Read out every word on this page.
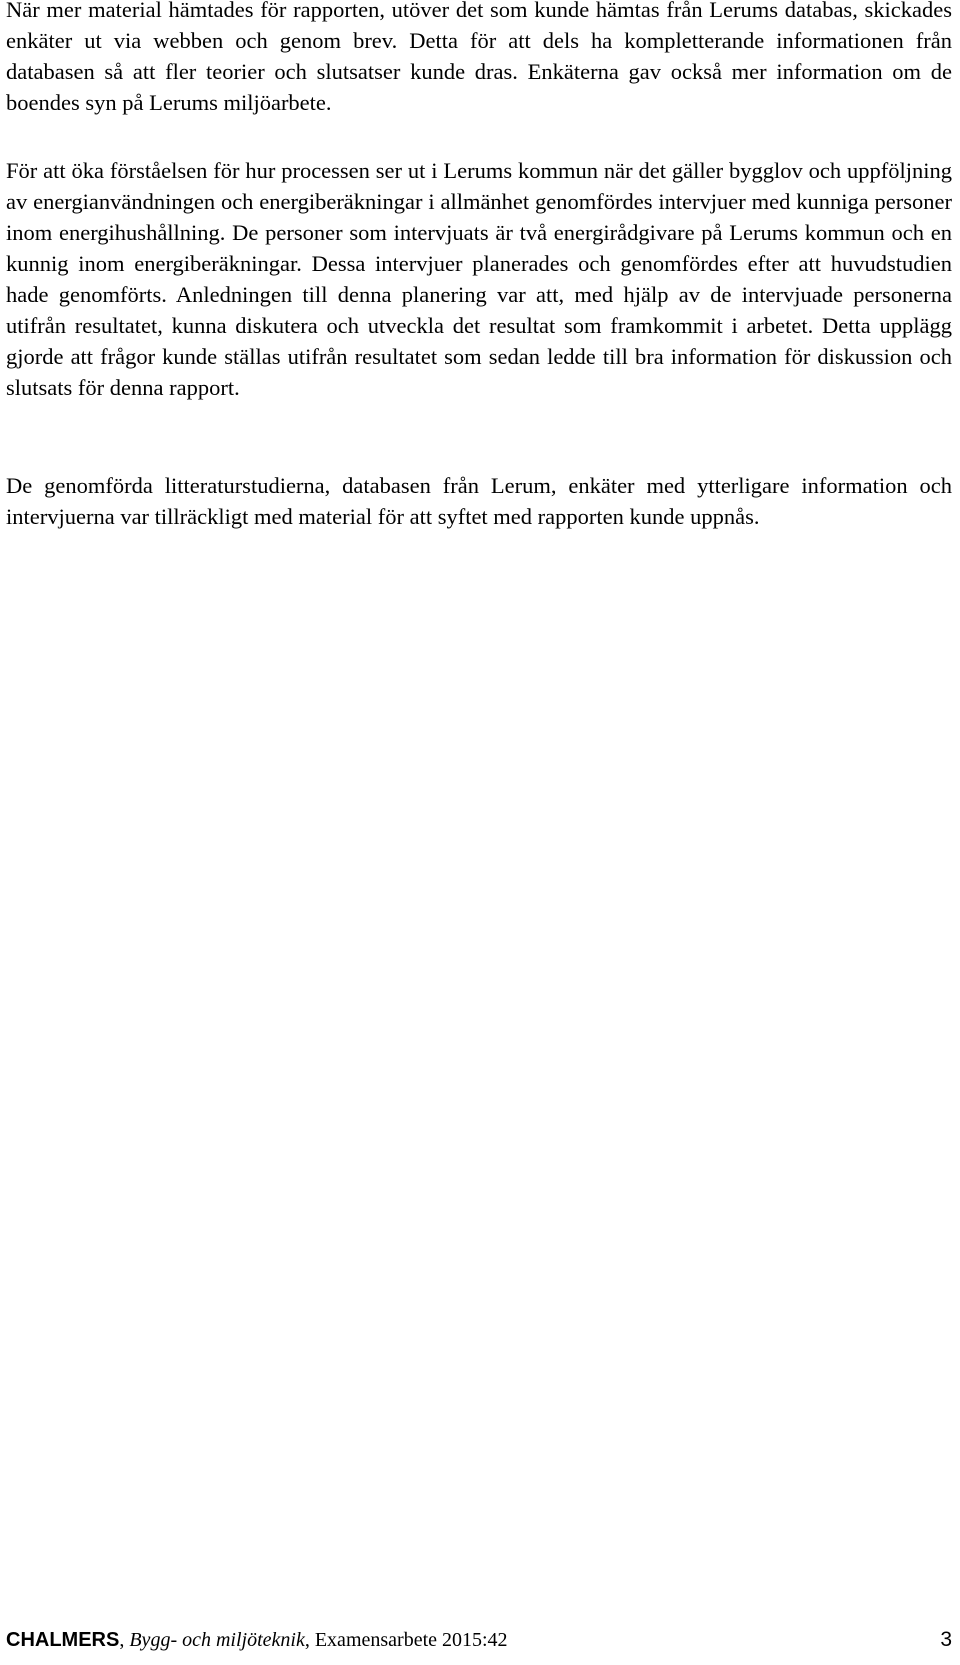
När mer material hämtades för rapporten, utöver det som kunde hämtas från Lerums databas, skickades enkäter ut via webben och genom brev. Detta för att dels ha kompletterande informationen från databasen så att fler teorier och slutsatser kunde dras. Enkäterna gav också mer information om de boendes syn på Lerums miljöarbete.

För att öka förståelsen för hur processen ser ut i Lerums kommun när det gäller bygglov och uppföljning av energianvändningen och energiberäkningar i allmänhet genomfördes intervjuer med kunniga personer inom energihushållning. De personer som intervjuats är två energirådgivare på Lerums kommun och en kunnig inom energiberäkningar. Dessa intervjuer planerades och genomfördes efter att huvudstudien hade genomförts. Anledningen till denna planering var att, med hjälp av de intervjuade personerna utifrån resultatet, kunna diskutera och utveckla det resultat som framkommit i arbetet. Detta upplägg gjorde att frågor kunde ställas utifrån resultatet som sedan ledde till bra information för diskussion och slutsats för denna rapport.

De genomförda litteraturstudierna, databasen från Lerum, enkäter med ytterligare information och intervjuerna var tillräckligt med material för att syftet med rapporten kunde uppnås.

CHALMERS, Bygg- och miljöteknik, Examensarbete 2015:42	3
